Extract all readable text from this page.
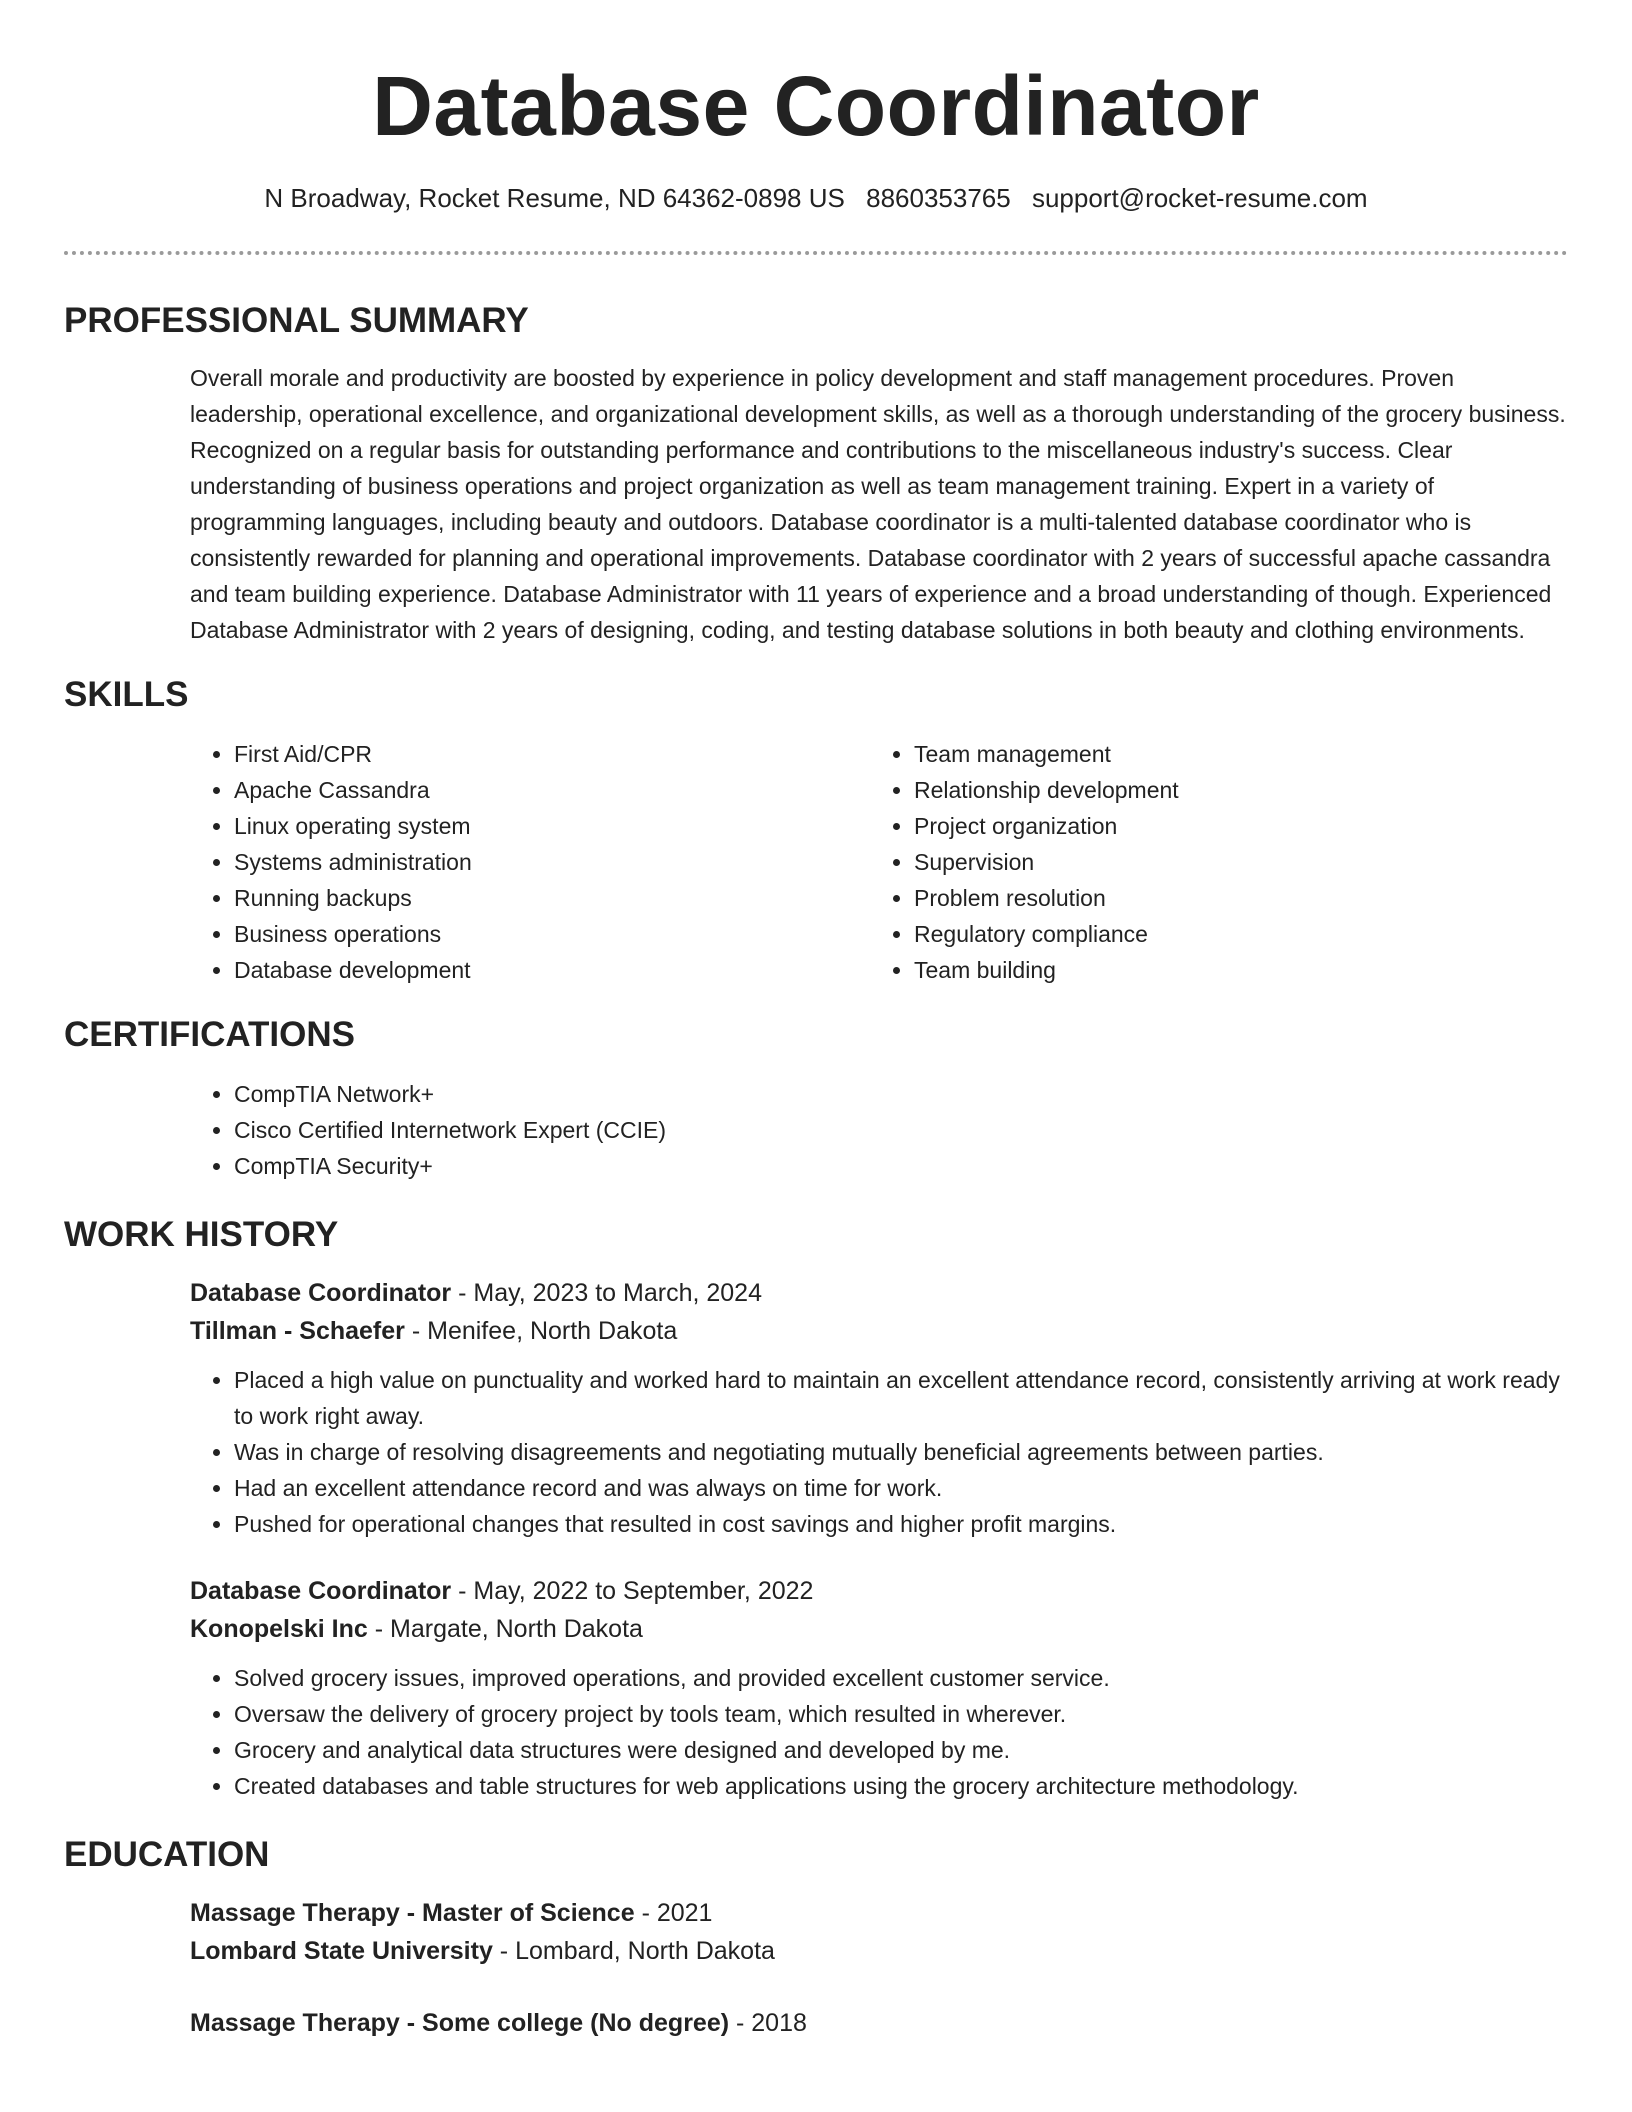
Database Coordinator

N Broadway, Rocket Resume, ND 64362-0898 US 8860353765 support@rocket-resume.com

PROFESSIONAL SUMMARY

Overall morale and productivity are boosted by experience in policy development and staff management procedures. Proven leadership, operational excellence, and organizational development skills, as well as a thorough understanding of the grocery business. Recognized on a regular basis for outstanding performance and contributions to the miscellaneous industry's success. Clear understanding of business operations and project organization as well as team management training. Expert in a variety of programming languages, including beauty and outdoors. Database coordinator is a multi-talented database coordinator who is consistently rewarded for planning and operational improvements. Database coordinator with 2 years of successful apache cassandra and team building experience. Database Administrator with 11 years of experience and a broad understanding of though. Experienced Database Administrator with 2 years of designing, coding, and testing database solutions in both beauty and clothing environments.

SKILLS
• First Aid/CPR
• Apache Cassandra
• Linux operating system
• Systems administration
• Running backups
• Business operations
• Database development
• Team management
• Relationship development
• Project organization
• Supervision
• Problem resolution
• Regulatory compliance
• Team building
CERTIFICATIONS
• CompTIA Network+
• Cisco Certified Internetwork Expert (CCIE)
• CompTIA Security+
WORK HISTORY

Database Coordinator - May, 2023 to March, 2024

Tillman - Schaefer - Menifee, North Dakota

• Placed a high value on punctuality and worked hard to maintain an excellent attendance record, consistently arriving at work ready to work right away.
• Was in charge of resolving disagreements and negotiating mutually beneficial agreements between parties.
• Had an excellent attendance record and was always on time for work.
• Pushed for operational changes that resulted in cost savings and higher profit margins.

Database Coordinator - May, 2022 to September, 2022

Konopelski Inc - Margate, North Dakota

• Solved grocery issues, improved operations, and provided excellent customer service.
• Oversaw the delivery of grocery project by tools team, which resulted in wherever.
• Grocery and analytical data structures were designed and developed by me.
• Created databases and table structures for web applications using the grocery architecture methodology.
EDUCATION

Massage Therapy - Master of Science - 2021

Lombard State University - Lombard, North Dakota

Massage Therapy - Some college (No degree) - 2018
